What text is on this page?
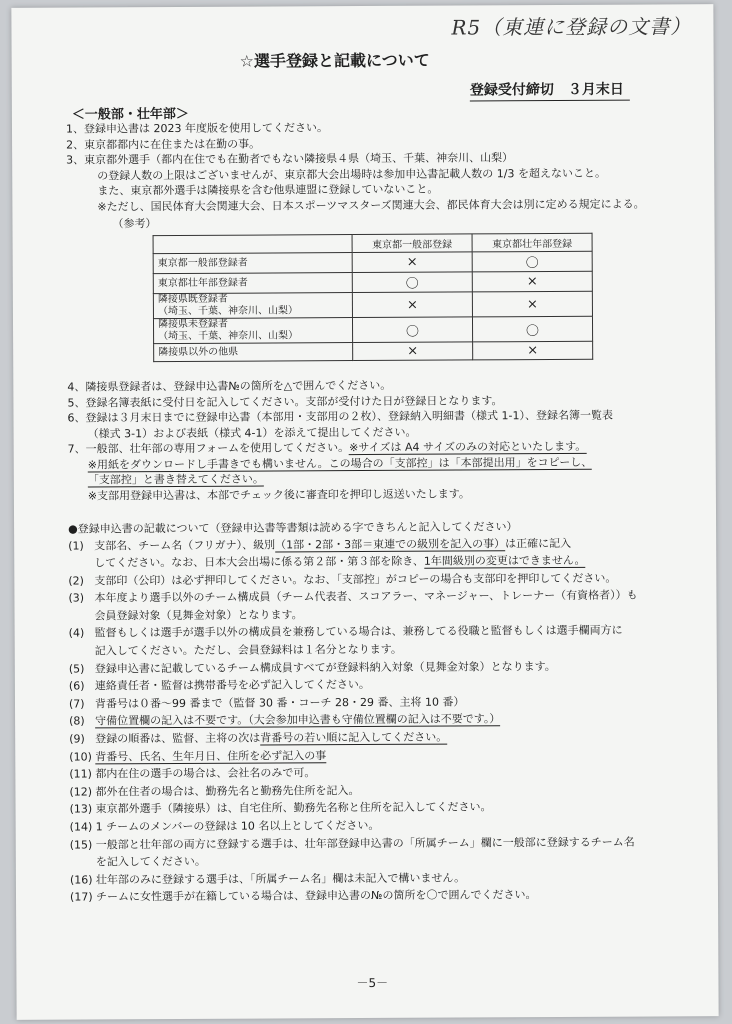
R5（東連に登録の文書）
☆選手登録と記載について
登録受付締切　３月末日
＜一般部・壮年部＞
1、登録申込書は 2023 年度版を使用してください。
2、東京都都内に在住または在勤の事。
3、東京都外選手（都内在住でも在勤者でもない隣接県４県（埼玉、千葉、神奈川、山梨）
　の登録人数の上限はございませんが、東京都大会出場時は参加申込書記載人数の 1/3 を超えないこと。
　また、東京都外選手は隣接県を含む他県連盟に登録していないこと。
　※ただし、国民体育大会関連大会、日本スポーツマスターズ関連大会、都民体育大会は別に定める規定による。
（参考）
	東京都一般部登録	東京都壮年部登録
東京都一般部登録者	×	〇
東京都壮年部登録者	〇	×
隣接県既登録者
（埼玉、千葉、神奈川、山梨）	×	×
隣接県未登録者
（埼玉、千葉、神奈川、山梨）	〇	〇
隣接県以外の他県	×	×
4、隣接県登録者は、登録申込書№の箇所を△で囲んでください。
5、登録名簿表紙に受付日を記入してください。支部が受付けた日が登録日となります。
6、登録は３月末日までに登録申込書（本部用・支部用の２枚）、登録納入明細書（様式 1-1）、登録名簿一覧表
（様式 3-1）および表紙（様式 4-1）を添えて提出してください。
7、一般部、壮年部の専用フォームを使用してください。※サイズは A4 サイズのみの対応といたします。
※用紙をダウンロードし手書きでも構いません。この場合の「支部控」は「本部提出用」をコピーし、
「支部控」と書き替えてください。
※支部用登録申込書は、本部でチェック後に審査印を押印し返送いたします。
●登録申込書の記載について（登録申込書等書類は読める字できちんと記入してください）
(1) 支部名、チーム名（フリガナ）、級別（1部・2部・3部＝東連での級別を記入の事）は正確に記入
してください。なお、日本大会出場に係る第２部・第３部を除き、1年間級別の変更はできません。
(2) 支部印（公印）は必ず押印してください。なお、「支部控」がコピーの場合も支部印を押印してください。
(3) 本年度より選手以外のチーム構成員（チーム代表者、スコアラー、マネージャー、トレーナー（有資格者））も
会員登録対象（見舞金対象）となります。
(4) 監督もしくは選手が選手以外の構成員を兼務している場合は、兼務してる役職と監督もしくは選手欄両方に
記入してください。ただし、会員登録料は１名分となります。
(5) 登録申込書に記載しているチーム構成員すべてが登録料納入対象（見舞金対象）となります。
(6) 連絡責任者・監督は携帯番号を必ず記入してください。
(7) 背番号は０番～99 番まで（監督 30 番・コーチ 28・29 番、主将 10 番）
(8) 守備位置欄の記入は不要です。（大会参加申込書も守備位置欄の記入は不要です。）
(9) 登録の順番は、監督、主将の次は背番号の若い順に記入してください。
(10) 背番号、氏名、生年月日、住所を必ず記入の事
(11) 都内在住の選手の場合は、会社名のみで可。
(12) 都外在住者の場合は、勤務先名と勤務先住所を記入。
(13) 東京都外選手（隣接県）は、自宅住所、勤務先名称と住所を記入してください。
(14) 1 チームのメンバーの登録は 10 名以上としてください。
(15) 一般部と壮年部の両方に登録する選手は、壮年部登録申込書の「所属チーム」欄に一般部に登録するチーム名
を記入してください。
(16) 壮年部のみに登録する選手は、「所属チーム名」欄は未記入で構いません。
(17) チームに女性選手が在籍している場合は、登録申込書の№の箇所を〇で囲んでください。
－5－
